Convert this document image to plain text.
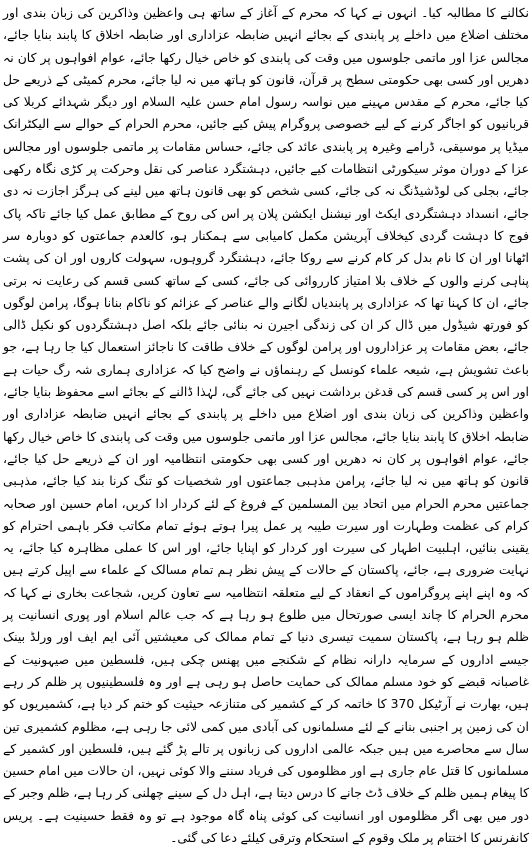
نکالنے کا مطالبہ کیا۔ انہوں نے کہا کہ محرم کے آغاز کے ساتھ ہی واعظین وذاکرین کی زبان بندی اور مختلف اضلاع میں داخلے پر پابندی کے بجائے انہیں ضابطہ عزاداری اور ضابطہ اخلاق کا پابند بنایا جائے، مجالس عزا اور ماتمی جلوسوں میں وقت کی پابندی کو خاص خیال رکھا جائے، عوام افواہوں پر کان نہ دھریں اور کسی بھی حکومتی سطح پر قرآن، قانون کو ہاتھ میں نہ لیا جائے، محرم کمیٹی کے ذریعے حل کیا جائے، محرم کے مقدس مہینے میں نواسہ رسول امام حسن علیہ السلام اور دیگر شہدائے کربلا کی قربانیوں کو اجاگر کرنے کے لیے خصوصی پروگرام پیش کیے جائیں، محرم الحرام کے حوالے سے الیکٹرانک میڈیا پر موسیقی، ڈرامے وغیرہ پر پابندی عائد کی جائے، حساس مقامات پر ماتمی جلوسوں اور مجالس عزا کے دوران موثر سیکورٹی انتظامات کیے جائیں، دہشتگرد عناصر کی نقل وحرکت پر کڑی نگاہ رکھی جائے، بجلی کی لوڈشیڈنگ نہ کی جائے، کسی شخص کو بھی قانون ہاتھ میں لینے کی ہرگز اجازت نہ دی جائے، انسداد دہشتگردی ایکٹ اور نیشنل ایکشن پلان پر اس کی روح کے مطابق عمل کیا جائے تاکہ پاک فوج کا دہشت گردی کیخلاف آپریشن مکمل کامیابی سے ہمکنار ہو، کالعدم جماعتوں کو دوبارہ سر اٹھانا اور ان کا نام بدل کر کام کرنے سے روکا جائے، دہشتگرد گروہوں، سہولت کاروں اور ان کی پشت پناہی کرنے والوں کے خلاف بلا امتیاز کارروائی کی جائے، کسی کے ساتھ کسی قسم کی رعایت نہ برتی جائے، ان کا کہنا تھا کہ عزاداری پر پابندیاں لگانے والے عناصر کے عزائم کو ناکام بنانا ہوگا، پرامن لوگوں کو فورتھ شیڈول میں ڈال کر ان کی زندگی اجیرن نہ بنائی جائے بلکہ اصل دہشتگردوں کو نکیل ڈالی جائے، بعض مقامات پر عزاداروں اور پرامن لوگوں کے خلاف طاقت کا ناجائز استعمال کیا جا رہا ہے، جو باعث تشویش ہے، شیعہ علماء کونسل کے رہنماؤں نے واضح کیا کہ عزاداری ہماری شہ رگ حیات ہے اور اس پر کسی قسم کی قدغن برداشت نہیں کی جائے گی، لہٰذا ڈالنے کے بجائے اسے محفوظ بنایا جائے، واعظین وذاکرین کی زبان بندی اور اضلاع میں داخلے پر پابندی کے بجائے انہیں ضابطہ عزاداری اور ضابطہ اخلاق کا پابند بنایا جائے، مجالس عزا اور ماتمی جلوسوں میں وقت کی پابندی کا خاص خیال رکھا جائے، عوام افواہوں پر کان نہ دھریں اور کسی بھی حکومتی انتظامیہ اور ان کے ذریعے حل کیا جائے، قانون کو ہاتھ میں نہ لیا جائے، پرامن مذہبی جماعتوں اور شخصیات کو تنگ کرنا بند کیا جائے، مذہبی جماعتیں محرم الحرام میں اتحاد بین المسلمین کے فروغ کے لئے کردار ادا کریں، امام حسین اور صحابہ کرام کی عظمت وطہارت اور سیرت طیبہ پر عمل پیرا ہوتے ہوئے تمام مکاتب فکر باہمی احترام کو یقینی بنائیں، اہلبیت اطہار کی سیرت اور کردار کو اپنایا جائے، اور اس کا عملی مظاہرہ کیا جائے، یہ نہایت ضروری ہے، جائے، پاکستان کے حالات کے پیش نظر ہم تمام مسالک کے علماء سے اپیل کرتے ہیں کہ وہ اپنے اپنے پروگراموں کے انعقاد کے لیے متعلقہ انتظامیہ سے تعاون کریں، شجاعت بخاری نے کہا کہ محرم الحرام کا چاند ایسی صورتحال میں طلوع ہو رہا ہے کہ جب عالم اسلام اور پوری انسانیت پر ظلم ہو رہا ہے، پاکستان سمیت تیسری دنیا کے تمام ممالک کی معیشتیں آئی ایم ایف اور ورلڈ بینک جیسے اداروں کے سرمایہ دارانہ نظام کے شکنجے میں پھنس چکی ہیں، فلسطین میں صیہونیت کے غاصبانہ قبضے کو خود مسلم ممالک کی حمایت حاصل ہو رہی ہے اور وہ فلسطینیوں پر ظلم کر رہے ہیں، بھارت نے آرٹیکل 370 کا خاتمہ کر کے کشمیر کی متنازعہ حیثیت کو ختم کر دیا ہے، کشمیریوں کو ان کی زمین پر اجنبی بنانے کے لئے مسلمانوں کی آبادی میں کمی لائی جا رہی ہے، مظلوم کشمیری تین سال سے محاصرے میں ہیں جبکہ عالمی اداروں کی زبانوں پر تالے پڑ گئے ہیں، فلسطین اور کشمیر کے مسلمانوں کا قتل عام جاری ہے اور مظلوموں کی فریاد سننے والا کوئی نہیں، ان حالات میں امام حسین کا پیغام ہمیں ظلم کے خلاف ڈٹ جانے کا درس دیتا ہے، اہل دل کے سینے چھلنی کر رہا ہے، ظلم وجبر کے دور میں بھی اگر مظلوموں اور انسانیت کی کوئی پناہ گاہ موجود ہے تو وہ فقط حسینیت ہے۔ پریس کانفرنس کا اختتام پر ملک وقوم کے استحکام وترقی کیلئے دعا کی گئی۔
